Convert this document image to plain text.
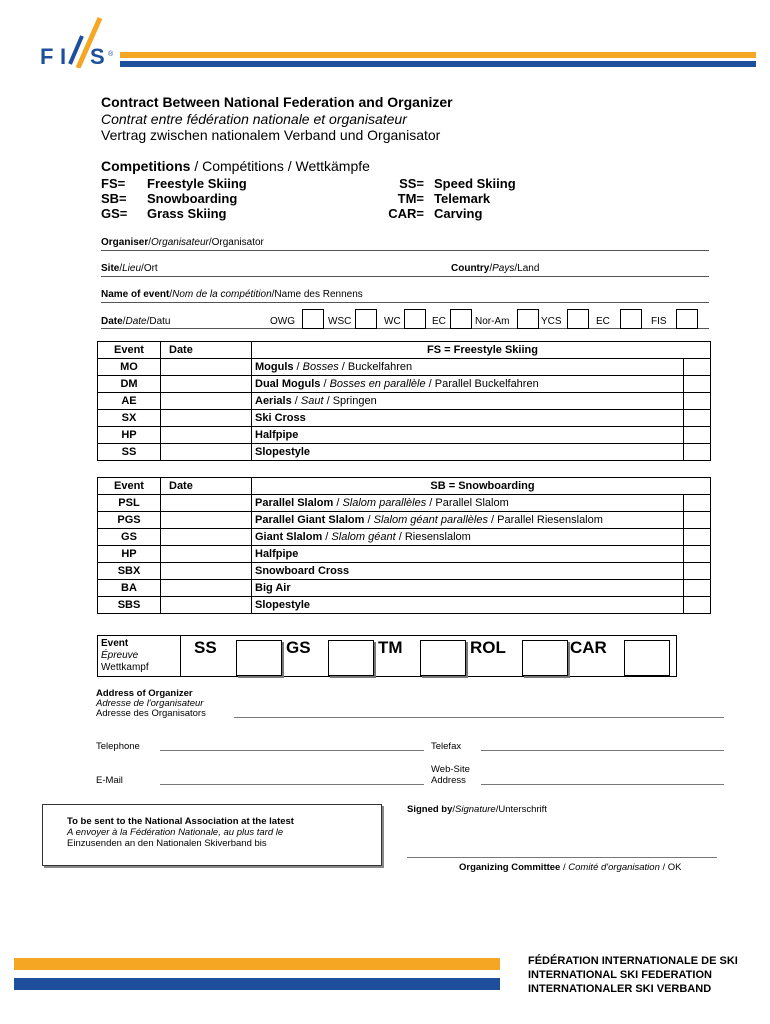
F I S ®
Contract Between National Federation and Organizer
Contrat entre fédération nationale et organisateur
Vertrag zwischen nationalem Verband und Organisator
Competitions / Compétitions / Wettkämpfe
FS= Freestyle Skiing
SB= Snowboarding
GS= Grass Skiing
SS= Speed Skiing
TM= Telemark
CAR= Carving
Organiser/Organisateur/Organisator
Site/Lieu/Ort	Country/Pays/Land
Name of event/Nom de la compétition/Name des Rennens
Date/Date/Datu	OWG	WSC	WC	EC	Nor-Am	YCS	EC	FIS
Event	Date	FS = Freestyle Skiing	
MO		Moguls / Bosses / Buckelfahren	
DM		Dual Moguls / Bosses en parallèle / Parallel Buckelfahren	
AE		Aerials / Saut / Springen	
SX		Ski Cross	
HP		Halfpipe	
SS		Slopestyle	
Event	Date	SB = Snowboarding	
PSL		Parallel Slalom / Slalom parallèles / Parallel Slalom	
PGS		Parallel Giant Slalom / Slalom géant parallèles / Parallel Riesenslalom	
GS		Giant Slalom / Slalom géant / Riesenslalom	
HP		Halfpipe	
SBX		Snowboard Cross	
BA		Big Air	
SBS		Slopestyle	
Event
Épreuve
Wettkampf
SS	GS	TM	ROL	CAR
Address of Organizer
Adresse de l'organisateur
Adresse des Organisators
Telephone	Telefax
E-Mail
Web-Site
Address
To be sent to the National Association at the latest
A envoyer à la Fédération Nationale, au plus tard le
Einzusenden an den Nationalen Skiverband bis
Signed by/Signature/Unterschrift
Organizing Committee / Comité d'organisation / OK
FÉDÉRATION INTERNATIONALE DE SKI
INTERNATIONAL SKI FEDERATION
INTERNATIONALER SKI VERBAND
